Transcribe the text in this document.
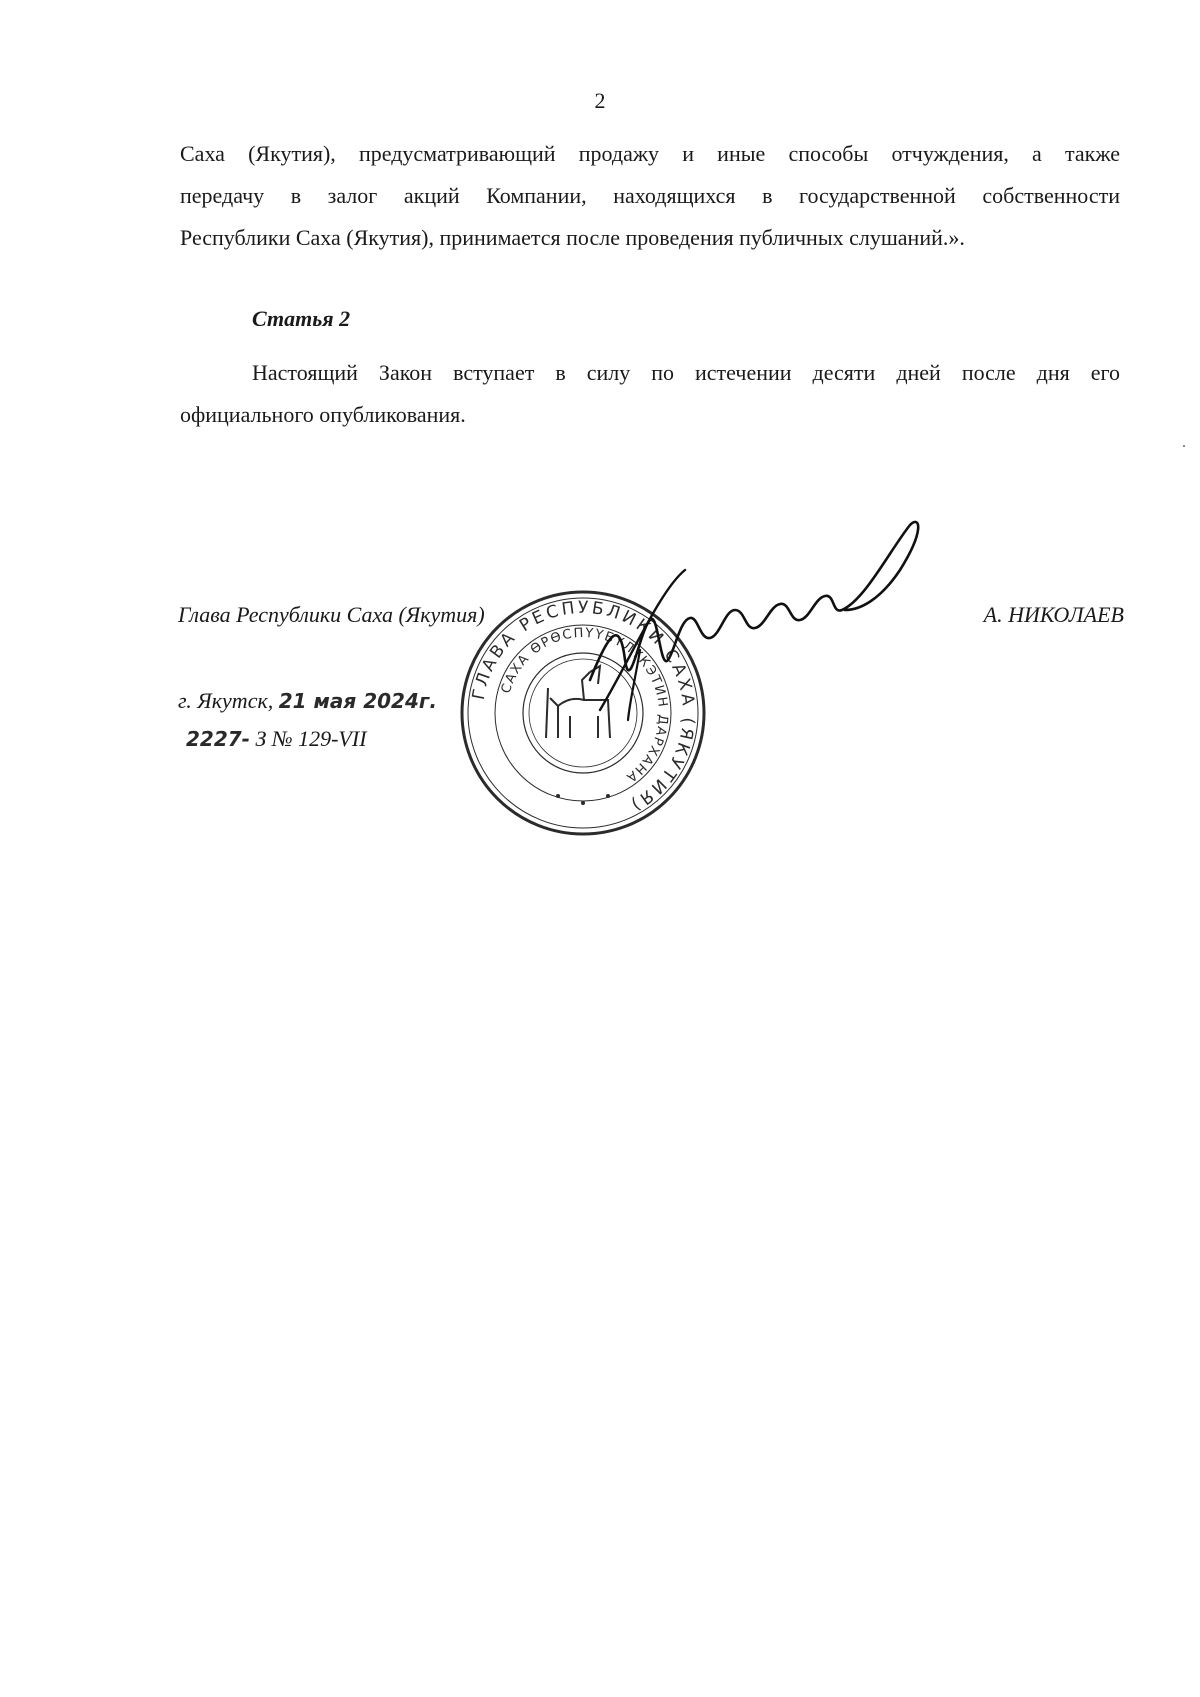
2

Саха (Якутия), предусматривающий продажу и иные способы отчуждения, а также
передачу в залог акций Компании, находящихся в государственной собственности
Республики Саха (Якутия), принимается после проведения публичных слушаний.».

Статья 2

Настоящий Закон вступает в силу по истечении десяти дней после дня его
официального опубликования.

Глава Республики Саха (Якутия)	А. НИКОЛАЕВ
г. Якутск, 21 мая 2024г.
2227- З № 129-VII
ГЛАВА РЕСПУБЛИКИ САХА (ЯКУТИЯ)
САХА ӨРӨСПҮҮБҮЛҮКЭТИН ДАРХАНА
